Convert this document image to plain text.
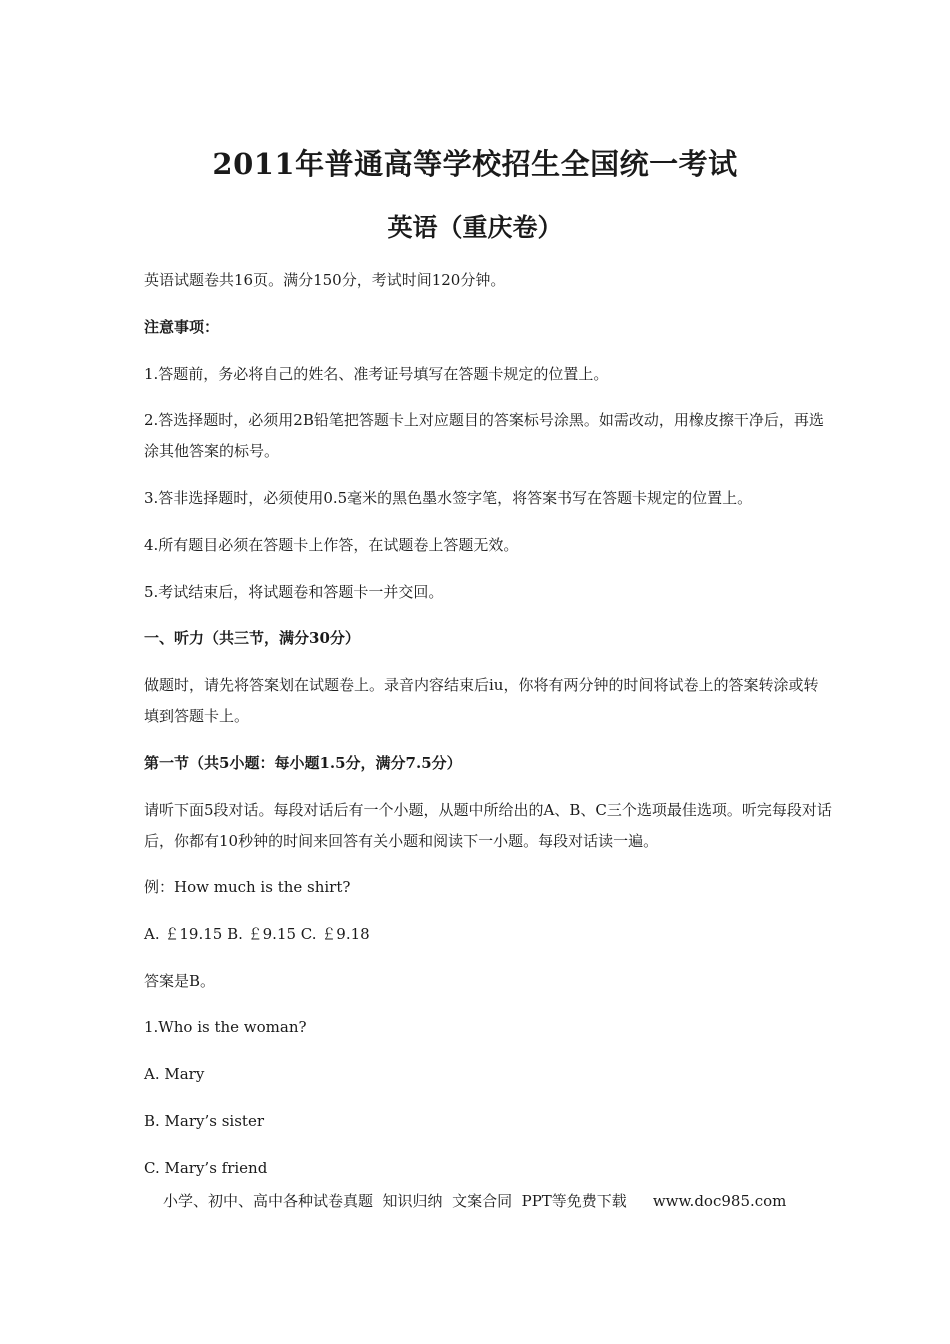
2011年普通高等学校招生全国统一考试
英语（重庆卷）

英语试题卷共16页。满分150分，考试时间120分钟。

注意事项：

1.答题前，务必将自己的姓名、准考证号填写在答题卡规定的位置上。

2.答选择题时，必须用2B铅笔把答题卡上对应题目的答案标号涂黑。如需改动，用橡皮擦干净后，再选涂其他答案的标号。

3.答非选择题时，必须使用0.5毫米的黑色墨水签字笔，将答案书写在答题卡规定的位置上。

4.所有题目必须在答题卡上作答，在试题卷上答题无效。

5.考试结束后，将试题卷和答题卡一并交回。

一、听力（共三节，满分30分）

做题时，请先将答案划在试题卷上。录音内容结束后iu，你将有两分钟的时间将试卷上的答案转涂或转填到答题卡上。

第一节（共5小题：每小题1.5分，满分7.5分）

请听下面5段对话。每段对话后有一个小题，从题中所给出的A、B、C三个选项最佳选项。听完每段对话后，你都有10秒钟的时间来回答有关小题和阅读下一小题。每段对话读一遍。

例：How much is the shirt?

A. ￡19.15 B. ￡9.15 C. ￡9.18

答案是B。

1.Who is the woman?

A. Mary

B. Mary’s sister

C. Mary’s friend

小学、初中、高中各种试卷真题  知识归纳  文案合同  PPT等免费下载 www.doc985.com
